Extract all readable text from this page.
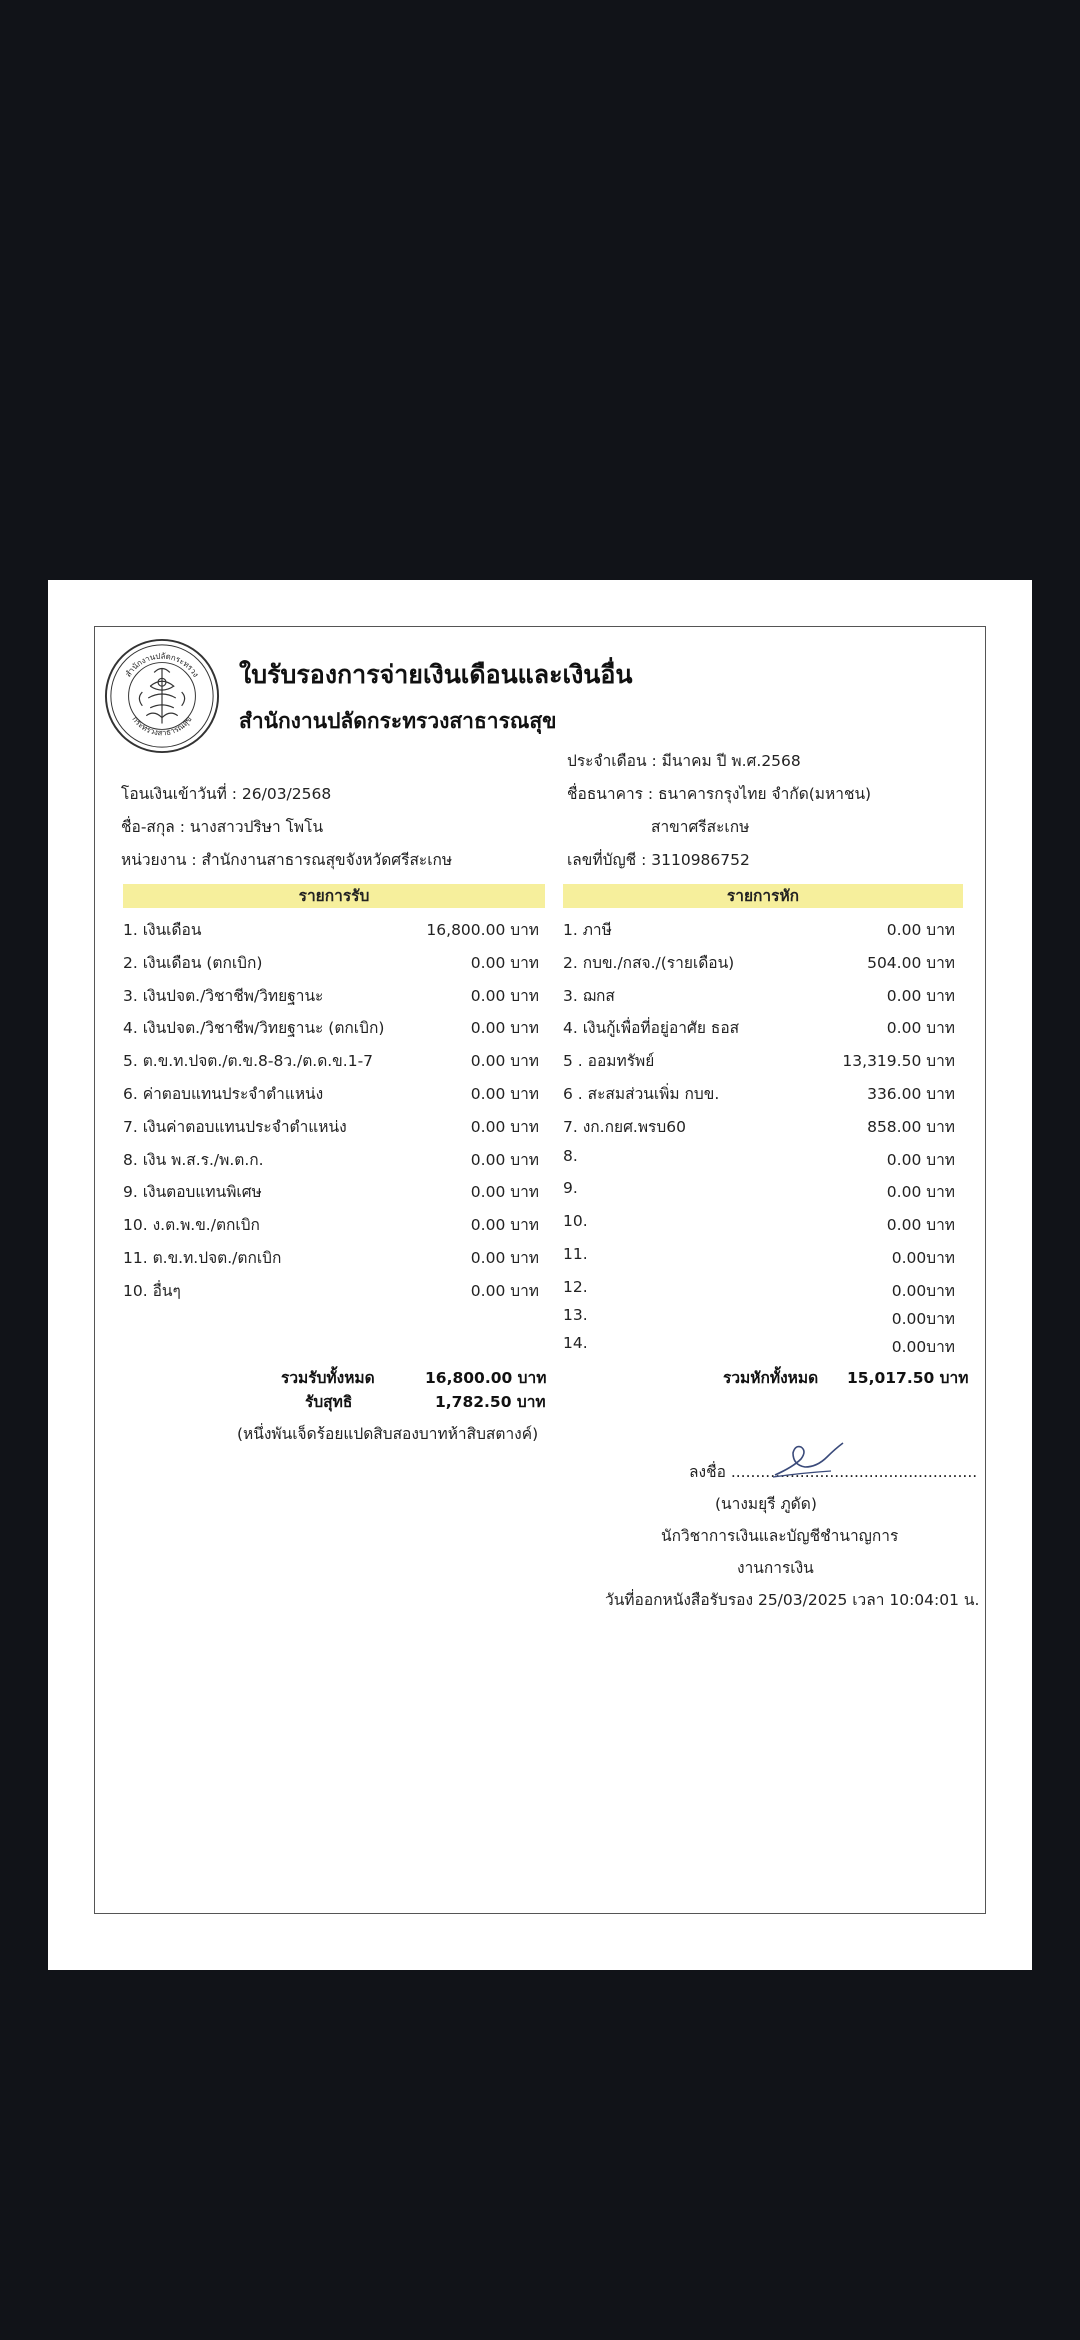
สำนักงานปลัดกระทรวง
กระทรวงสาธารณสุข
ใบรับรองการจ่ายเงินเดือนและเงินอื่น
สำนักงานปลัดกระทรวงสาธารณสุข
ประจำเดือน : มีนาคม ปี พ.ศ.2568
โอนเงินเข้าวันที่ : 26/03/2568	ชื่อธนาคาร : ธนาคารกรุงไทย จำกัด(มหาชน)
ชื่อ-สกุล : นางสาวปริษา โพโน	สาขาศรีสะเกษ
หน่วยงาน : สำนักงานสาธารณสุขจังหวัดศรีสะเกษ	เลขที่บัญชี : 3110986752
รายการรับ	รายการหัก
1. เงินเดือน	16,800.00 บาท
2. เงินเดือน (ตกเบิก)	0.00 บาท
3. เงินปจต./วิชาชีพ/วิทยฐานะ	0.00 บาท
4. เงินปจต./วิชาชีพ/วิทยฐานะ (ตกเบิก)	0.00 บาท
5. ต.ข.ท.ปจต./ต.ข.8-8ว./ต.ด.ข.1-7	0.00 บาท
6. ค่าตอบแทนประจำตำแหน่ง	0.00 บาท
7. เงินค่าตอบแทนประจำตำแหน่ง	0.00 บาท
8. เงิน พ.ส.ร./พ.ต.ก.	0.00 บาท
9. เงินตอบแทนพิเศษ	0.00 บาท
10. ง.ต.พ.ข./ตกเบิก	0.00 บาท
11. ต.ข.ท.ปจต./ตกเบิก	0.00 บาท
10. อื่นๆ	0.00 บาท
1. ภาษี	0.00 บาท
2. กบข./กสจ./(รายเดือน)	504.00 บาท
3. ฌกส	0.00 บาท
4. เงินกู้เพื่อที่อยู่อาศัย ธอส	0.00 บาท
5 . ออมทรัพย์	13,319.50 บาท
6 . สะสมส่วนเพิ่ม กบข.	336.00 บาท
7. งก.กยศ.พรบ60	858.00 บาท
8.	0.00 บาท
9.	0.00 บาท
10.	0.00 บาท
11.	0.00บาท
12.	0.00บาท
13.	0.00บาท
14.	0.00บาท
รวมรับทั้งหมด	16,800.00 บาท
รับสุทธิ	1,782.50 บาท
(หนึ่งพันเจ็ดร้อยแปดสิบสองบาทห้าสิบสตางค์)
รวมหักทั้งหมด 15,017.50 บาท
ลงชื่อ ..................................................
(นางมยุรี ภูดัด)
นักวิชาการเงินและบัญชีชำนาญการ
งานการเงิน
วันที่ออกหนังสือรับรอง 25/03/2025 เวลา 10:04:01 น.
